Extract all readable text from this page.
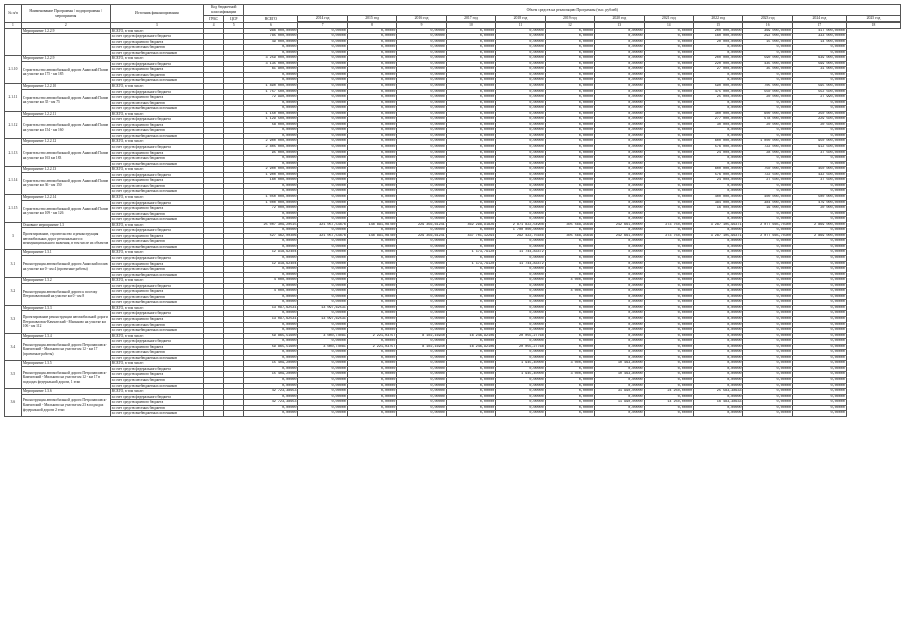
№ п/п	Наименование Программы / подпрограммы / мероприятия	Источник финансирования	Код бюджетной классификации		Объем средств на реализацию Программы (тыс. рублей)												
			ГРБС	ЦСР	ВСЕГО	2014 год	2015 год	2016 год	2017 год	2018 год	2019 год	2020 год	2021 год	2022 год	2023 год	2024 год	2025 год

1	2	3	4	5	6	7	8	9	10	11	12	13	14	15	16	17	18
	Мероприятие 1.2.2.9	ВСЕГО, в том числе:			986 000,00000	0,00000	0,00000	0,00000	0,00000	0,00000	0,00000	0,00000	0,00000	200 000,00000	369 000,00000	417 000,00000	
		за счет средств федерального бюджета			785 000,00000	0,00000	0,00000	0,00000	0,00000	0,00000	0,00000	0,00000	0,00000	160 000,00000	292 000,00000	333 000,00000	
		за счет средств краевого бюджета			49 000,00000	0,00000	0,00000	0,00000	0,00000	0,00000	0,00000	0,00000	0,00000	20 000,00000	15 000,00000	14 000,00000	
		за счет средств местных бюджетов			0,00000	0,00000	0,00000	0,00000	0,00000	0,00000	0,00000	0,00000	0,00000	0,00000	0,00000	0,00000	
		за счет средств внебюджетных источников			0,00000	0,00000	0,00000	0,00000	0,00000	0,00000	0,00000	0,00000	0,00000	0,00000	0,00000	0,00000	

2.1.10	Мероприятие 1.2.2.9	ВСЕГО, в том числе:			3 259 000,00000	0,00000	0,00000	0,00000	0,00000	0,00000	0,00000	0,00000	0,00000	200 000,00000	590 000,00000	639 000,00000	
	Строительство автомобильной дороги Анапский Полив на участке км 175 - км 185	за счет средств федерального бюджета			3 135 000,00000	0,00000	0,00000	0,00000	0,00000	0,00000	0,00000	0,00000	0,00000	220 000,00000	435 000,00000	599 000,00000	
		за счет средств краевого бюджета			61 800,00000	0,00000	0,00000	0,00000	0,00000	0,00000	0,00000	0,00000	0,00000	27 000,00000	35 000,00000	31 000,00000	
		за счет средств местных бюджетов			0,00000	0,00000	0,00000	0,00000	0,00000	0,00000	0,00000	0,00000	0,00000	0,00000	0,00000	0,00000	
		за счет средств внебюджетных источников			0,00000	0,00000	0,00000	0,00000	0,00000	0,00000	0,00000	0,00000	0,00000	0,00000	0,00000	0,00000	

2.1.11	Мероприятие 1.2.2.10	ВСЕГО, в том числе:			1 890 000,00000	0,00000	0,00000	0,00000	0,00000	0,00000	0,00000	0,00000	0,00000	590 000,00000	705 000,00000	595 000,00000	
	Строительство автомобильной дороги Анапский Полив на участке км 35 - км 75	за счет средств федерального бюджета			1 757 500,00000	0,00000	0,00000	0,00000	0,00000	0,00000	0,00000	0,00000	0,00000	475 000,00000	550 000,00000	552 500,00000	
		за счет средств краевого бюджета			72 990,00000	0,00000	0,00000	0,00000	0,00000	0,00000	0,00000	0,00000	0,00000	25 000,00000	20 000,00000	27 990,00000	
		за счет средств местных бюджетов			0,00000	0,00000	0,00000	0,00000	0,00000	0,00000	0,00000	0,00000	0,00000	0,00000	0,00000	0,00000	
		за счет средств внебюджетных источников			0,00000	0,00000	0,00000	0,00000	0,00000	0,00000	0,00000	0,00000	0,00000	0,00000	0,00000	0,00000	

2.1.12	Мероприятие 1.2.2.11	ВСЕГО, в том числе:			1 150 000,00000	0,00000	0,00000	0,00000	0,00000	0,00000	0,00000	0,00000	0,00000	300 000,00000	600 000,00000	250 000,00000	
	Строительство автомобильной дороги Анапский Полив на участке км 154 - км 160	за счет средств федерального бюджета			1 129 500,00000	0,00000	0,00000	0,00000	0,00000	0,00000	0,00000	0,00000	0,00000	277 000,00000	578 000,00000	229 500,00000	
		за счет средств краевого бюджета			58 000,00000	0,00000	0,00000	0,00000	0,00000	0,00000	0,00000	0,00000	0,00000	30 000,00000	20 000,00000	20 500,00000	
		за счет средств местных бюджетов			0,00000	0,00000	0,00000	0,00000	0,00000	0,00000	0,00000	0,00000	0,00000	0,00000	0,00000	0,00000	
		за счет средств внебюджетных источников			0,00000	0,00000	0,00000	0,00000	0,00000	0,00000	0,00000	0,00000	0,00000	0,00000	0,00000	0,00000	

2.1.13	Мероприятие 1.2.2.12	ВСЕГО, в том числе:			2 900 000,00000	0,00000	0,00000	0,00000	0,00000	0,00000	0,00000	0,00000	0,00000	600 000,00000	1 000 000,00000	950 000,00000	
	Строительство автомобильной дороги Анапский Полив на участке км 163 км 183	за счет средств федерального бюджета			2 805 000,00000	0,00000	0,00000	0,00000	0,00000	0,00000	0,00000	0,00000	0,00000	576 000,00000	722 000,00000	912 500,00000	
		за счет средств краевого бюджета			95 000,00000	0,00000	0,00000	0,00000	0,00000	0,00000	0,00000	0,00000	0,00000	24 000,00000	28 000,00000	37 500,00000	
		за счет средств местных бюджетов			0,00000	0,00000	0,00000	0,00000	0,00000	0,00000	0,00000	0,00000	0,00000	0,00000	0,00000	0,00000	
		за счет средств внебюджетных источников			0,00000	0,00000	0,00000	0,00000	0,00000	0,00000	0,00000	0,00000	0,00000	0,00000	0,00000	0,00000	

2.1.14	Мероприятие 1.2.2.13	ВСЕГО, в том числе:			2 900 000,00000	0,00000	0,00000	0,00000	0,00000	0,00000	0,00000	0,00000	0,00000	600 000,00000	750 000,00000	450 000,00000	
	Строительство автомобильной дороги Анапский Полив на участке км 36 - км 150	за счет средств федерального бюджета			1 900 000,00000	0,00000	0,00000	0,00000	0,00000	0,00000	0,00000	0,00000	0,00000	576 000,00000	722 500,00000	432 500,00000	
		за счет средств краевого бюджета			160 000,00000	0,00000	0,00000	0,00000	0,00000	0,00000	0,00000	0,00000	0,00000	24 000,00000	27 500,00000	37 500,00000	
		за счет средств местных бюджетов			0,00000	0,00000	0,00000	0,00000	0,00000	0,00000	0,00000	0,00000	0,00000	0,00000	0,00000	0,00000	
		за счет средств внебюджетных источников			0,00000	0,00000	0,00000	0,00000	0,00000	0,00000	0,00000	0,00000	0,00000	0,00000	0,00000	0,00000	

2.1.15	Мероприятие 1.2.2.14	ВСЕГО, в том числе:			1 050 000,00000	0,00000	0,00000	0,00000	0,00000	0,00000	0,00000	0,00000	0,00000	400 000,00000	400 000,00000	500 000,00000	
	Строительство автомобильной дороги Анапский Полив на участке км 109 - км 126	за счет средств федерального бюджета			1 000 000,00000	0,00000	0,00000	0,00000	0,00000	0,00000	0,00000	0,00000	0,00000	384 000,00000	384 000,00000	479 000,00000	
		за счет средств краевого бюджета			72 000,00000	0,00000	0,00000	0,00000	0,00000	0,00000	0,00000	0,00000	0,00000	16 000,00000	16 000,00000	20 000,00000	
		за счет средств местных бюджетов			0,00000	0,00000	0,00000	0,00000	0,00000	0,00000	0,00000	0,00000	0,00000	0,00000	0,00000	0,00000	
		за счет средств внебюджетных источников			0,00000	0,00000	0,00000	0,00000	0,00000	0,00000	0,00000	0,00000	0,00000	0,00000	0,00000	0,00000	

3	Основное мероприятие 1.3	ВСЕГО, в том числе:			25 007 309,20515	321 057,54876	148 891,08780	229 356,61241	462 298,91826	2 871 822,54908	305 568,35646	242 661,00000	273 750,00000	3 287 105,96371	2 077 665,70300	2 869 000,00000	
	Проектирование, строительство и реконструкция автомобильных дорог регионального и межмуниципального значения, в том числе их объектов	за счет средств федерального бюджета			0,00000	0,00000	0,00000	0,00000	0,00000	1 700 000,00000	0,00000	0,00000	0,00000	0,00000	0,00000	0,00000	
		за счет средств краевого бюджета			527 462,00306	321 057,54876	148 891,08780	229 356,61241	437 701,12294	292 422,75646	305 568,35646	242 661,00000	273 750,00000	3 287 105,96371	2 077 665,70300	2 869 000,00000	
		за счет средств местных бюджетов			0,00000	0,00000	0,00000	0,00000	0,00000	0,00000	0,00000	0,00000	0,00000	0,00000	0,00000	0,00000	
		за счет средств внебюджетных источников			0,00000	0,00000	0,00000	0,00000	0,00000	0,00000	0,00000	0,00000	0,00000	0,00000	0,00000	0,00000	

3.1	Мероприятие 1.3.1	ВСЕГО, в том числе:			12 918,62404	0,00000	0,00000	0,00000	1 173,79120	11 744,83472	0,00000	0,00000	0,00000	0,00000	0,00000	0,00000	
	Реконструкция автомобильной дороги Анапский полив на участке км 0 - км 4 (проектные работы)	за счет средств федерального бюджета			0,00000	0,00000	0,00000	0,00000	0,00000	0,00000	0,00000	0,00000	0,00000	0,00000	0,00000	0,00000	
		за счет средств краевого бюджета			12 918,62404	0,00000	0,00000	0,00000	1 173,79120	11 744,83472	0,00000	0,00000	0,00000	0,00000	0,00000	0,00000	
		за счет средств местных бюджетов			0,00000	0,00000	0,00000	0,00000	0,00000	0,00000	0,00000	0,00000	0,00000	0,00000	0,00000	0,00000	
		за счет средств внебюджетных источников			0,00000	0,00000	0,00000	0,00000	0,00000	0,00000	0,00000	0,00000	0,00000	0,00000	0,00000	0,00000	

3.2	Мероприятие 1.3.2	ВСЕГО, в том числе:			4 000,00000	0,00000	0,00000	0,00000	0,00000	0,00000	4 000,00000	0,00000	0,00000	0,00000	0,00000	0,00000	
	Реконструкция автомобильной дороги к поселку Петропавловский на участке км 0 - км 8	за счет средств федерального бюджета			0,00000	0,00000	0,00000	0,00000	0,00000	0,00000	0,00000	0,00000	0,00000	0,00000	0,00000	0,00000	
		за счет средств краевого бюджета			4 000,00000	0,00000	0,00000	0,00000	0,00000	0,00000	4 000,00000	0,00000	0,00000	0,00000	0,00000	0,00000	
		за счет средств местных бюджетов			0,00000	0,00000	0,00000	0,00000	0,00000	0,00000	0,00000	0,00000	0,00000	0,00000	0,00000	0,00000	
		за счет средств внебюджетных источников			0,00000	0,00000	0,00000	0,00000	0,00000	0,00000	0,00000	0,00000	0,00000	0,00000	0,00000	0,00000	

3.3	Мероприятие 1.3.3	ВСЕГО, в том числе:			13 097,62531	13 097,62531	0,00000	0,00000	0,00000	0,00000	0,00000	0,00000	0,00000	0,00000	0,00000	0,00000	
	Проектирование реконструкции автомобильной дороги Петропавловск-Камчатский - Мильково на участке км 106 - км 112	за счет средств федерального бюджета			0,00000	0,00000	0,00000	0,00000	0,00000	0,00000	0,00000	0,00000	0,00000	0,00000	0,00000	0,00000	
		за счет средств краевого бюджета			13 097,62531	13 097,62531	0,00000	0,00000	0,00000	0,00000	0,00000	0,00000	0,00000	0,00000	0,00000	0,00000	
		за счет средств местных бюджетов			0,00000	0,00000	0,00000	0,00000	0,00000	0,00000	0,00000	0,00000	0,00000	0,00000	0,00000	0,00000	
		за счет средств внебюджетных источников			0,00000	0,00000	0,00000	0,00000	0,00000	0,00000	0,00000	0,00000	0,00000	0,00000	0,00000	0,00000	

3.4	Мероприятие 1.3.4	ВСЕГО, в том числе:			59 865,51600	3 080,74081	2 221,03757	8 102,16940	16 246,92106	20 055,27768	0,00000	0,00000	0,00000	0,00000	0,00000	0,00000	
	Реконструкция автомобильной дороги Петропавловск-Камчатский - Мильково на участке км 12 - км 17 (проектные работы)	за счет средств федерального бюджета			0,00000	0,00000	0,00000	0,00000	0,00000	0,00000	0,00000	0,00000	0,00000	0,00000	0,00000	0,00000	
		за счет средств краевого бюджета			59 865,51600	3 080,74081	2 221,03757	8 102,16940	16 246,92106	20 055,27768	0,00000	0,00000	0,00000	0,00000	0,00000	0,00000	
		за счет средств местных бюджетов			0,00000	0,00000	0,00000	0,00000	0,00000	0,00000	0,00000	0,00000	0,00000	0,00000	0,00000	0,00000	
		за счет средств внебюджетных источников			0,00000	0,00000	0,00000	0,00000	0,00000	0,00000	0,00000	0,00000	0,00000	0,00000	0,00000	0,00000	

3.5	Мероприятие 1.3.5	ВСЕГО, в том числе:			15 409,20000	0,00000	0,00000	0,00000	0,00000	1 945,40000	3 000,00000	10 463,80000	0,00000	0,00000	0,00000	0,00000	
	Реконструкция автомобильной дороги Петропавловск-Камчатский - Мильково на участке км 12 - км 17 в подходах федеральной дороги, 1 этап	за счет средств федерального бюджета			0,00000	0,00000	0,00000	0,00000	0,00000	0,00000	0,00000	0,00000	0,00000	0,00000	0,00000	0,00000	
		за счет средств краевого бюджета			15 409,20000	0,00000	0,00000	0,00000	0,00000	1 945,40000	3 000,00000	10 463,80000	0,00000	0,00000	0,00000	0,00000	
		за счет средств местных бюджетов			0,00000	0,00000	0,00000	0,00000	0,00000	0,00000	0,00000	0,00000	0,00000	0,00000	0,00000	0,00000	
		за счет средств внебюджетных источников			0,00000	0,00000	0,00000	0,00000	0,00000	0,00000	0,00000	0,00000	0,00000	0,00000	0,00000	0,00000	

3.6	Мероприятие 1.3.6	ВСЕГО, в том числе:			42 723,38653	0,00000	0,00000	0,00000	0,00000	0,00000	0,00000	31 990,00000	24 250,00000	25 583,38633	0,00000	0,00000	
	Реконструкция автомобильной дороги Петропавловск-Камчатский - Мильково на участке км 23 в подходах федеральной дороги 2 этап	за счет средств федерального бюджета			0,00000	0,00000	0,00000	0,00000	0,00000	0,00000	0,00000	0,00000	0,00000	0,00000	0,00000	0,00000	
		за счет средств краевого бюджета			42 723,38653	0,00000	0,00000	0,00000	0,00000	0,00000	0,00000	11 990,00000	14 250,00000	16 483,38633	0,00000	0,00000	
		за счет средств местных бюджетов			0,00000	0,00000	0,00000	0,00000	0,00000	0,00000	0,00000	0,00000	0,00000	0,00000	0,00000	0,00000	
		за счет средств внебюджетных источников			0,00000	0,00000	0,00000	0,00000	0,00000	0,00000	0,00000	0,00000	0,00000	0,00000	0,00000	0,00000	
